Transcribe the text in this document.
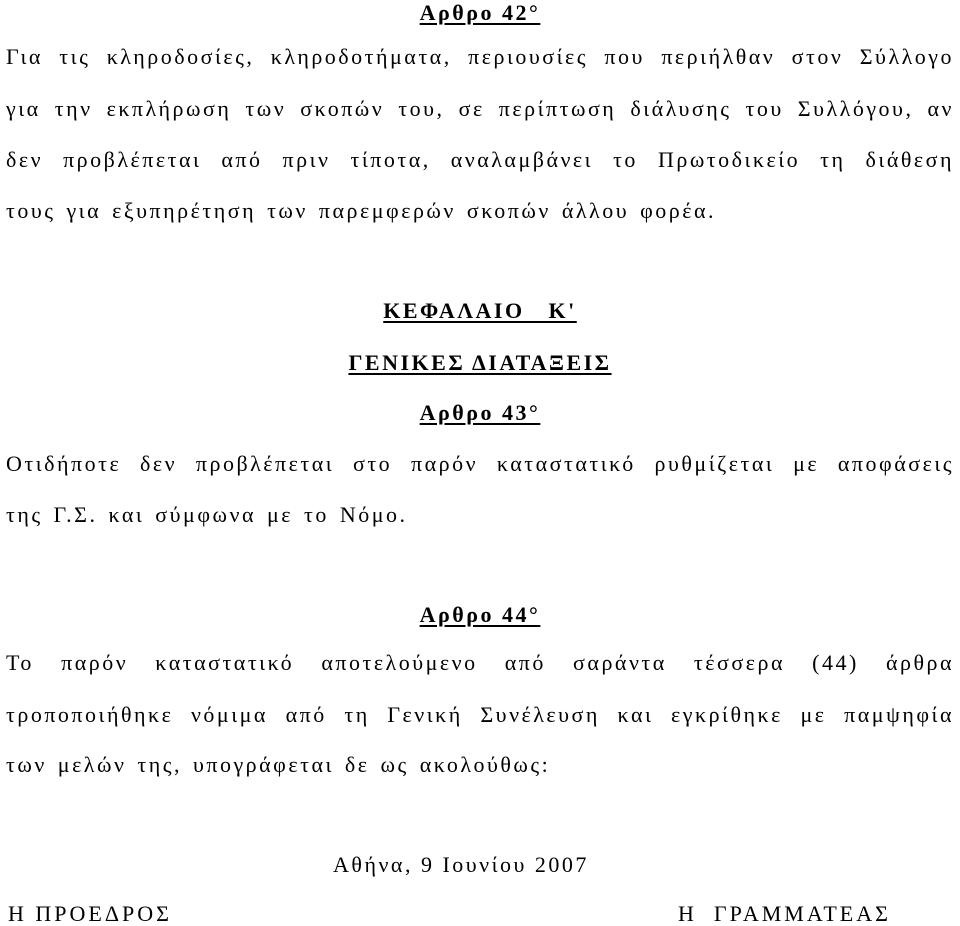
Αρθρο 42°
Για τις κληροδοσίες, κληροδοτήματα, περιουσίες που περιήλθαν στον Σύλλογο
για την εκπλήρωση των σκοπών του, σε περίπτωση διάλυσης του Συλλόγου, αν
δεν προβλέπεται από πριν τίποτα, αναλαμβάνει το Πρωτοδικείο τη διάθεση
τους για εξυπηρέτηση των παρεμφερών σκοπών άλλου φορέα.
ΚΕΦΑΛΑΙΟ   Κ'
ΓΕΝΙΚΕΣ ΔΙΑΤΑΞΕΙΣ
Αρθρο 43°
Οτιδήποτε δεν προβλέπεται στο παρόν καταστατικό ρυθμίζεται με αποφάσεις
της Γ.Σ. και σύμφωνα με το Νόμο.
Αρθρο 44°
Το παρόν καταστατικό αποτελούμενο από σαράντα τέσσερα (44) άρθρα
τροποποιήθηκε νόμιμα από τη Γενική Συνέλευση και εγκρίθηκε με παμψηφία
των μελών της, υπογράφεται δε ως ακολούθως:
Αθήνα, 9 Ιουνίου 2007
Η ΠΡΟΕΔΡΟΣ	Η  ΓΡΑΜΜΑΤΕΑΣ
